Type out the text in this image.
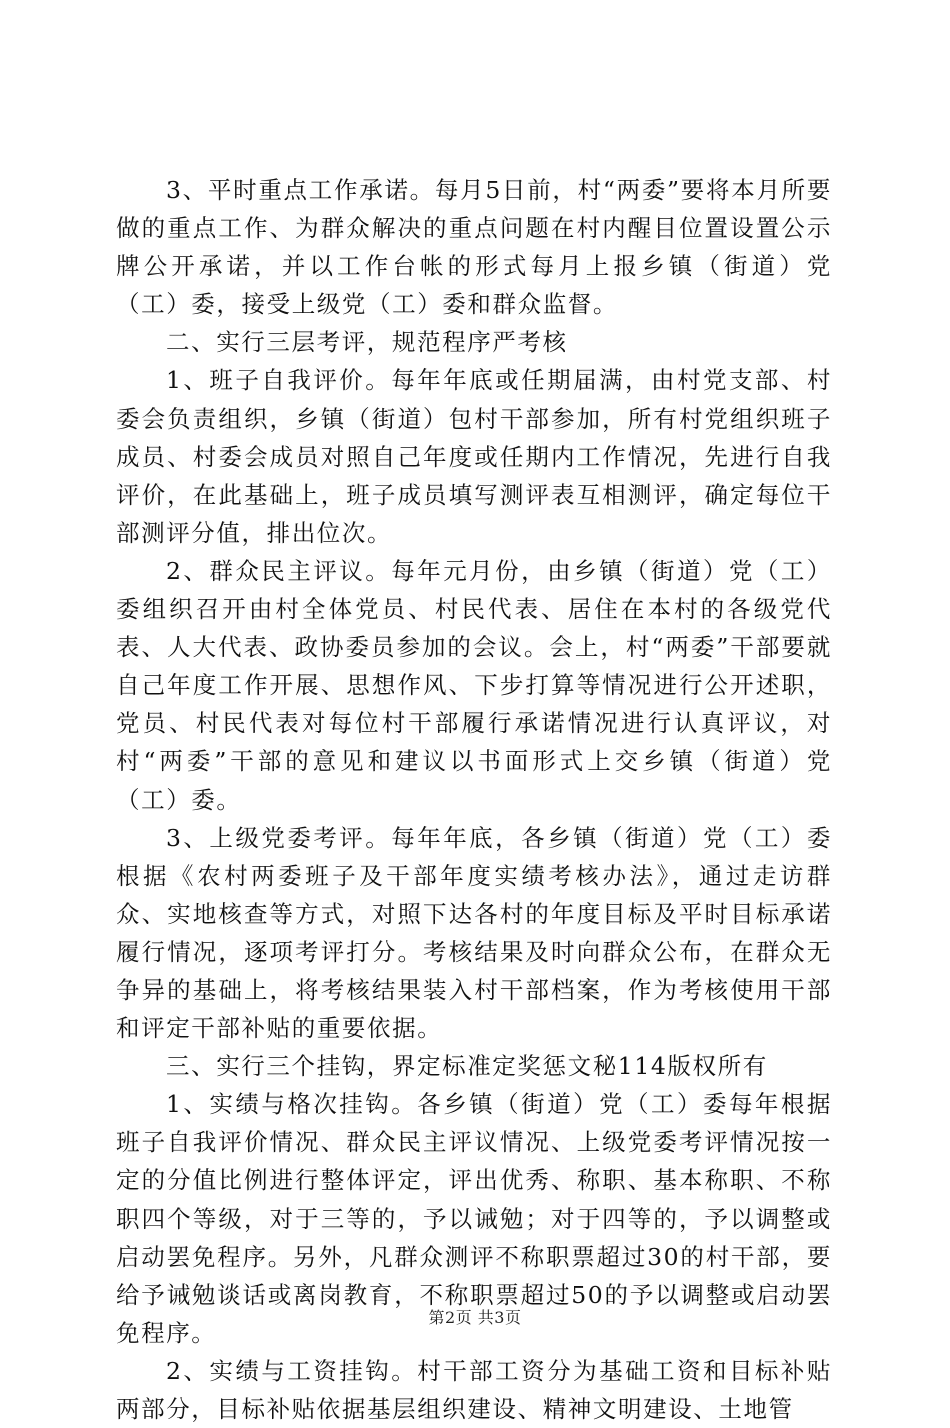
3、平时重点工作承诺。每月5日前，村“两委”要将本月所要做的重点工作、为群众解决的重点问题在村内醒目位置设置公示牌公开承诺，并以工作台帐的形式每月上报乡镇（街道）党（工）委，接受上级党（工）委和群众监督。

二、实行三层考评，规范程序严考核

1、班子自我评价。每年年底或任期届满，由村党支部、村委会负责组织，乡镇（街道）包村干部参加，所有村党组织班子成员、村委会成员对照自己年度或任期内工作情况，先进行自我评价，在此基础上，班子成员填写测评表互相测评，确定每位干部测评分值，排出位次。

2、群众民主评议。每年元月份，由乡镇（街道）党（工）委组织召开由村全体党员、村民代表、居住在本村的各级党代表、人大代表、政协委员参加的会议。会上，村“两委”干部要就自己年度工作开展、思想作风、下步打算等情况进行公开述职，党员、村民代表对每位村干部履行承诺情况进行认真评议，对村“两委”干部的意见和建议以书面形式上交乡镇（街道）党（工）委。

3、上级党委考评。每年年底，各乡镇（街道）党（工）委根据《农村两委班子及干部年度实绩考核办法》，通过走访群众、实地核查等方式，对照下达各村的年度目标及平时目标承诺履行情况，逐项考评打分。考核结果及时向群众公布，在群众无争异的基础上，将考核结果装入村干部档案，作为考核使用干部和评定干部补贴的重要依据。

三、实行三个挂钩，界定标准定奖惩文秘114版权所有

1、实绩与格次挂钩。各乡镇（街道）党（工）委每年根据班子自我评价情况、群众民主评议情况、上级党委考评情况按一定的分值比例进行整体评定，评出优秀、称职、基本称职、不称职四个等级，对于三等的，予以诫勉；对于四等的，予以调整或启动罢免程序。另外，凡群众测评不称职票超过30的村干部，要给予诫勉谈话或离岗教育，不称职票超过50的予以调整或启动罢免程序。

2、实绩与工资挂钩。村干部工资分为基础工资和目标补贴两部分，目标补贴依据基层组织建设、精神文明建设、土地管

第2页 共3页
